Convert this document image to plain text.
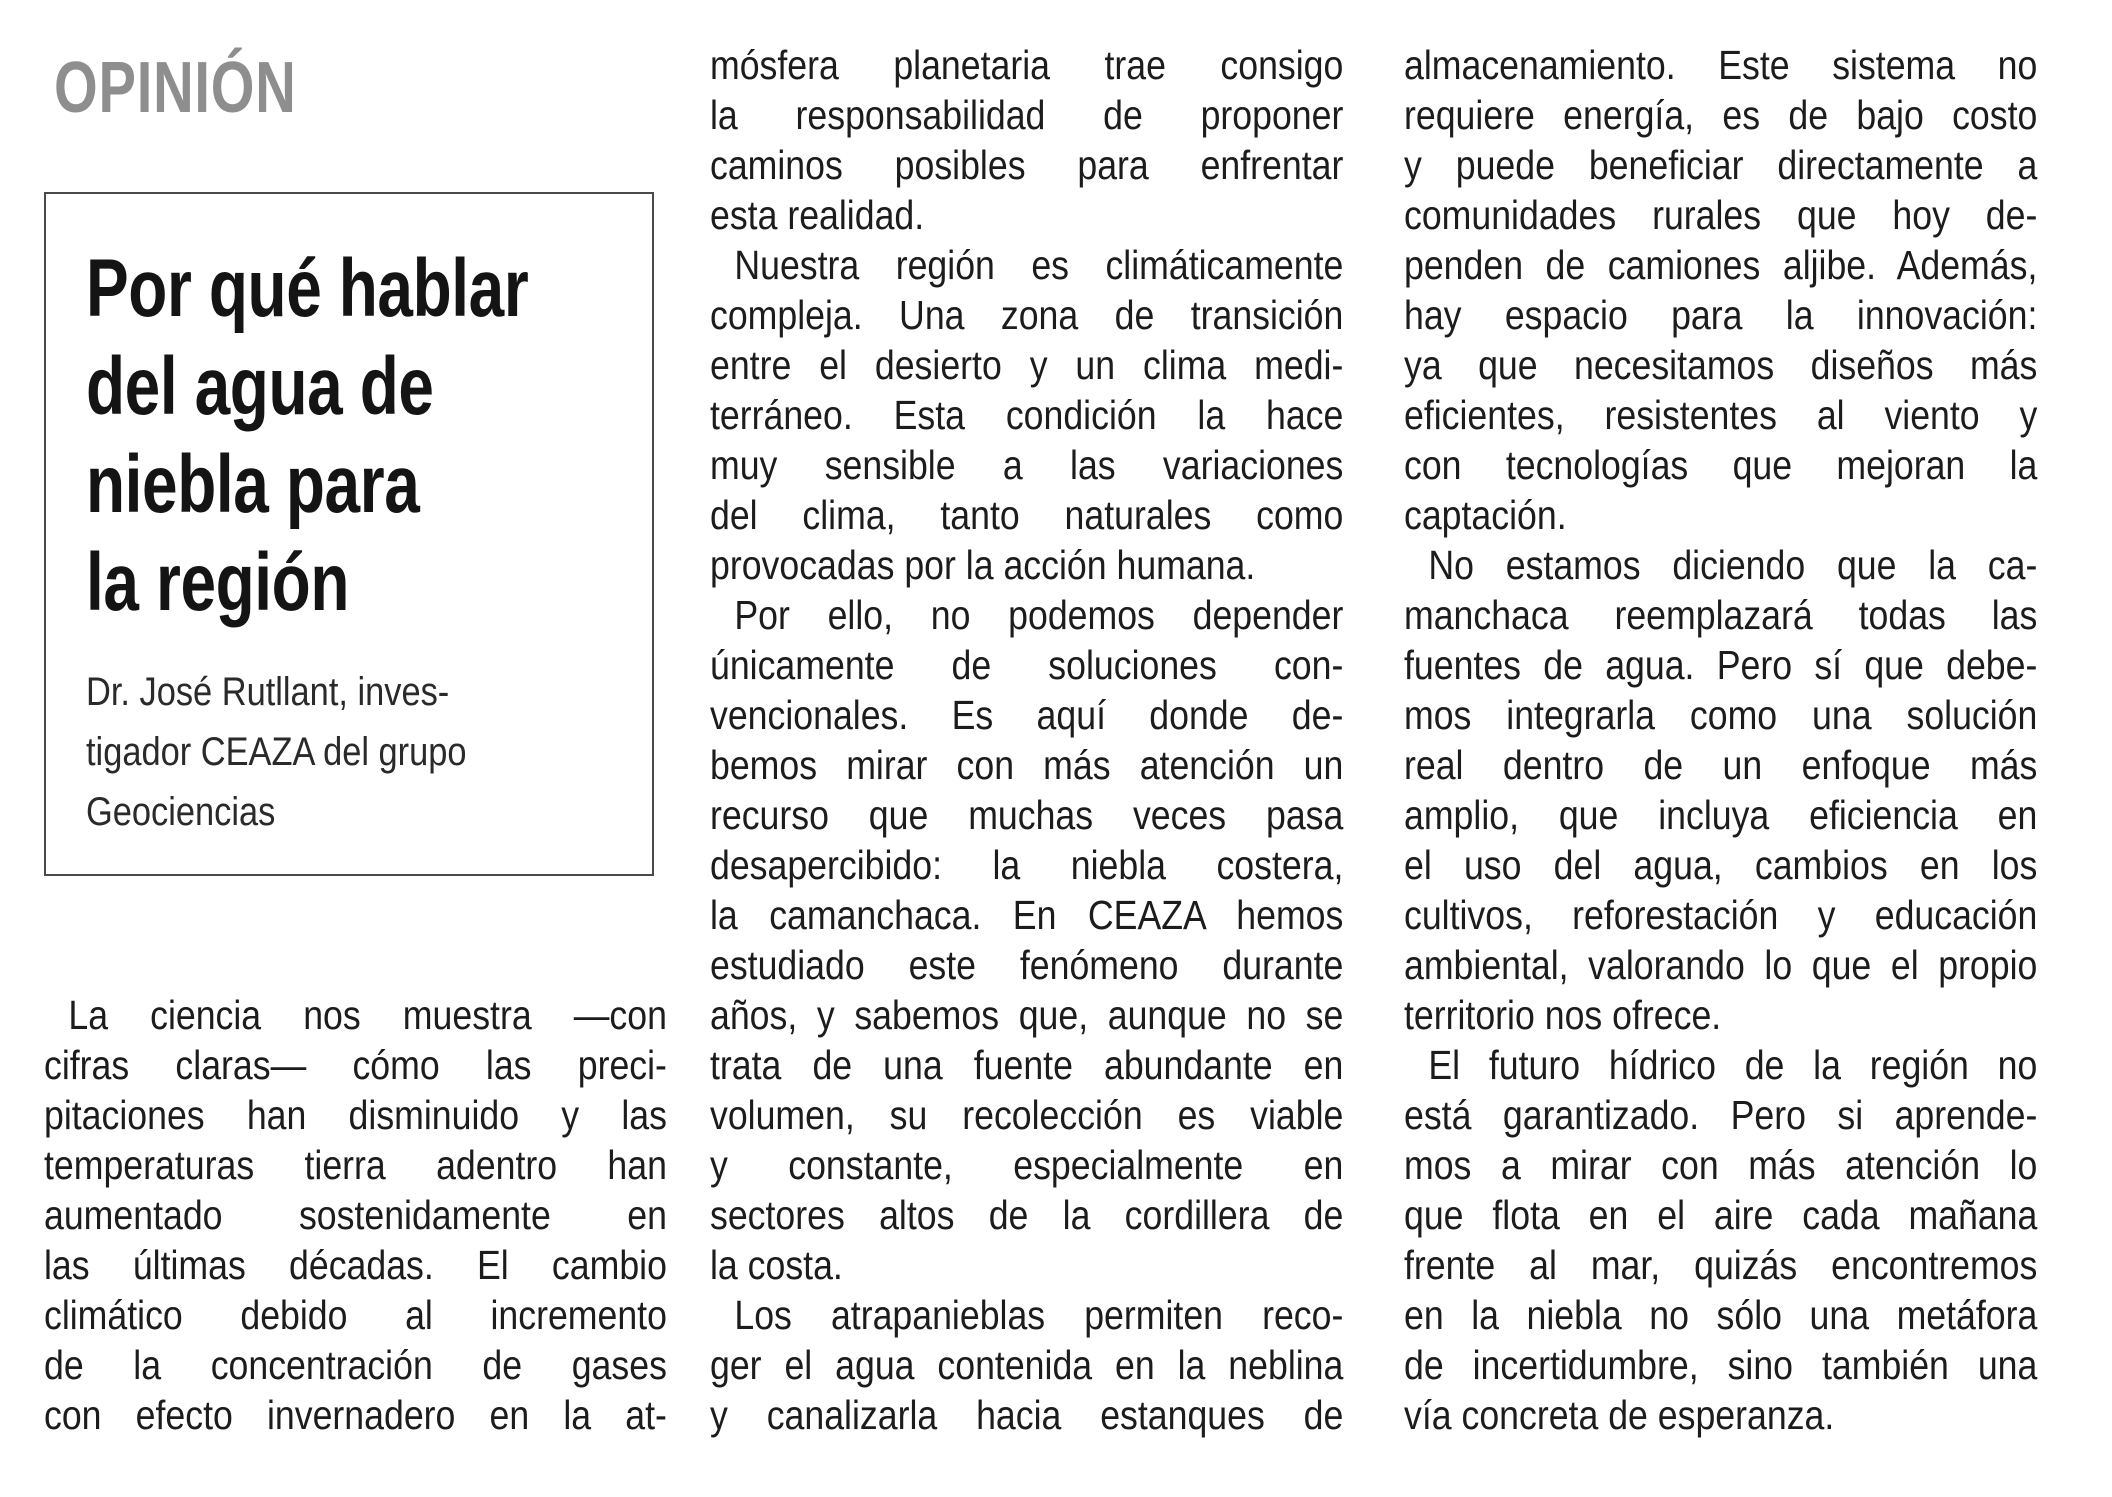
OPINIÓN
Por qué hablar
del agua de
niebla para
la región
Dr. José Rutllant, inves-
tigador CEAZA del grupo
Geociencias
La ciencia nos muestra —con
cifras claras— cómo las preci-
pitaciones han disminuido y las
temperaturas tierra adentro han
aumentado sostenidamente en
las últimas décadas. El cambio
climático debido al incremento
de la concentración de gases
con efecto invernadero en la at-
mósfera planetaria trae consigo
la responsabilidad de proponer
caminos posibles para enfrentar
esta realidad.
Nuestra región es climáticamente
compleja. Una zona de transición
entre el desierto y un clima medi-
terráneo. Esta condición la hace
muy sensible a las variaciones
del clima, tanto naturales como
provocadas por la acción humana.
Por ello, no podemos depender
únicamente de soluciones con-
vencionales. Es aquí donde de-
bemos mirar con más atención un
recurso que muchas veces pasa
desapercibido: la niebla costera,
la camanchaca. En CEAZA hemos
estudiado este fenómeno durante
años, y sabemos que, aunque no se
trata de una fuente abundante en
volumen, su recolección es viable
y constante, especialmente en
sectores altos de la cordillera de
la costa.
Los atrapanieblas permiten reco-
ger el agua contenida en la neblina
y canalizarla hacia estanques de
almacenamiento. Este sistema no
requiere energía, es de bajo costo
y puede beneficiar directamente a
comunidades rurales que hoy de-
penden de camiones aljibe. Además,
hay espacio para la innovación:
ya que necesitamos diseños más
eficientes, resistentes al viento y
con tecnologías que mejoran la
captación.
No estamos diciendo que la ca-
manchaca reemplazará todas las
fuentes de agua. Pero sí que debe-
mos integrarla como una solución
real dentro de un enfoque más
amplio, que incluya eficiencia en
el uso del agua, cambios en los
cultivos, reforestación y educación
ambiental, valorando lo que el propio
territorio nos ofrece.
El futuro hídrico de la región no
está garantizado. Pero si aprende-
mos a mirar con más atención lo
que flota en el aire cada mañana
frente al mar, quizás encontremos
en la niebla no sólo una metáfora
de incertidumbre, sino también una
vía concreta de esperanza.
